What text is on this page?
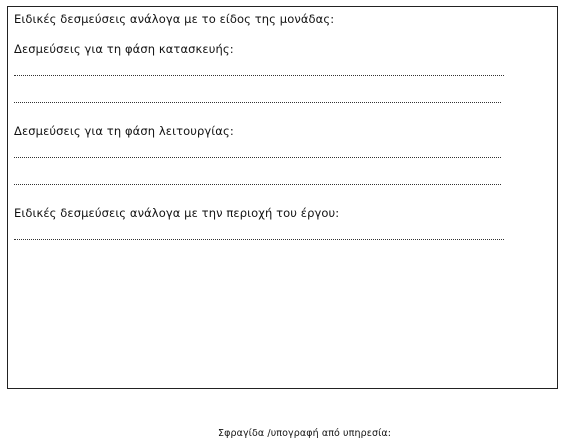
Ειδικές δεσμεύσεις ανάλογα με το είδος της μονάδας:
Δεσμεύσεις για τη φάση κατασκευής:
Δεσμεύσεις για τη φάση λειτουργίας:
Ειδικές δεσμεύσεις ανάλογα με την περιοχή του έργου:
Σφραγίδα /υπογραφή από υπηρεσία:
